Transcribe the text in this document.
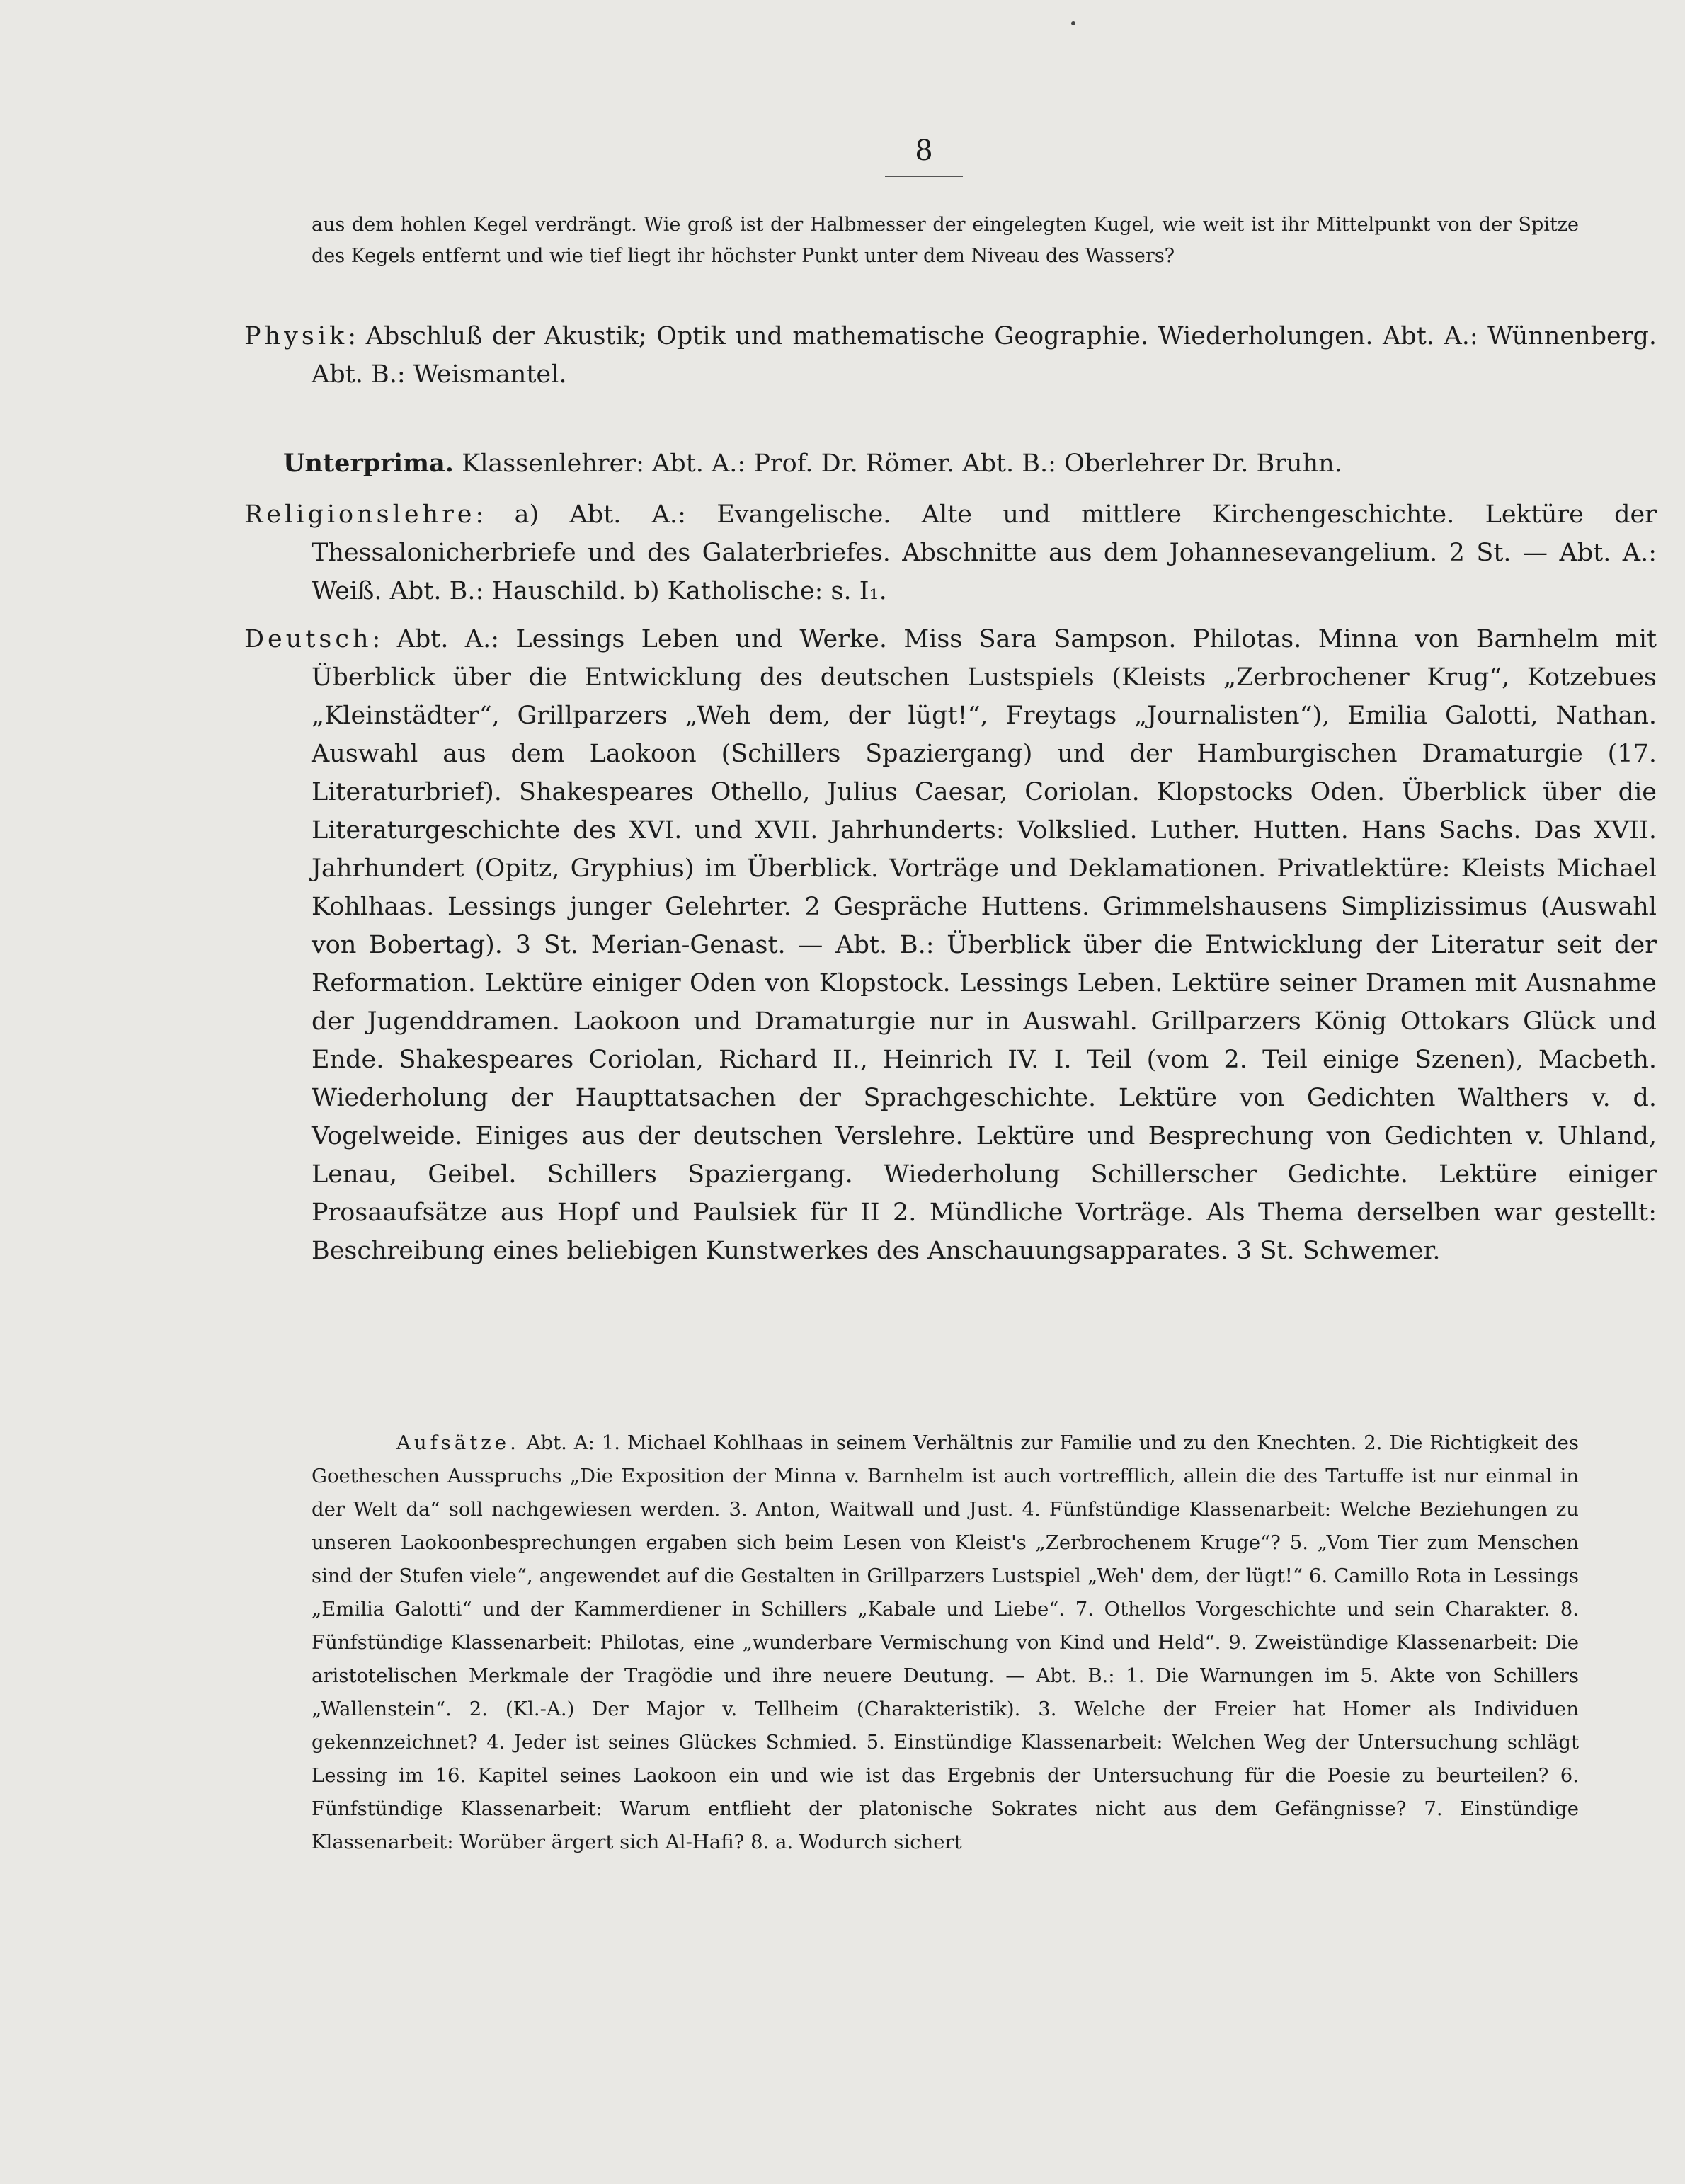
8
aus dem hohlen Kegel verdrängt. Wie groß ist der Halbmesser der eingelegten Kugel, wie weit ist ihr Mittelpunkt von der Spitze des Kegels entfernt und wie tief liegt ihr höchster Punkt unter dem Niveau des Wassers?
Physik: Abschluß der Akustik; Optik und mathematische Geographie. Wiederholungen. Abt. A.: Wünnenberg. Abt. B.: Weismantel.
Unterprima. Klassenlehrer: Abt. A.: Prof. Dr. Römer. Abt. B.: Oberlehrer Dr. Bruhn.
Religionslehre: a) Abt. A.: Evangelische. Alte und mittlere Kirchengeschichte. Lektüre der Thessalonicherbriefe und des Galaterbriefes. Abschnitte aus dem Johannesevangelium. 2 St. — Abt. A.: Weiß. Abt. B.: Hauschild. b) Katholische: s. I₁.
Deutsch: Abt. A.: Lessings Leben und Werke. Miss Sara Sampson. Philotas. Minna von Barnhelm mit Überblick über die Entwicklung des deutschen Lustspiels (Kleists „Zerbrochener Krug“, Kotzebues „Kleinstädter“, Grillparzers „Weh dem, der lügt!“, Freytags „Journalisten“), Emilia Galotti, Nathan. Auswahl aus dem Laokoon (Schillers Spaziergang) und der Hamburgischen Dramaturgie (17. Literaturbrief). Shakespeares Othello, Julius Caesar, Coriolan. Klopstocks Oden. Überblick über die Literaturgeschichte des XVI. und XVII. Jahrhunderts: Volkslied. Luther. Hutten. Hans Sachs. Das XVII. Jahrhundert (Opitz, Gryphius) im Überblick. Vorträge und Deklamationen. Privatlektüre: Kleists Michael Kohlhaas. Lessings junger Gelehrter. 2 Gespräche Huttens. Grimmelshausens Simplizissimus (Auswahl von Bobertag). 3 St. Merian-Genast. — Abt. B.: Überblick über die Entwicklung der Literatur seit der Reformation. Lektüre einiger Oden von Klopstock. Lessings Leben. Lektüre seiner Dramen mit Ausnahme der Jugenddramen. Laokoon und Dramaturgie nur in Auswahl. Grillparzers König Ottokars Glück und Ende. Shakespeares Coriolan, Richard II., Heinrich IV. I. Teil (vom 2. Teil einige Szenen), Macbeth. Wiederholung der Haupttatsachen der Sprachgeschichte. Lektüre von Gedichten Walthers v. d. Vogelweide. Einiges aus der deutschen Verslehre. Lektüre und Besprechung von Gedichten v. Uhland, Lenau, Geibel. Schillers Spaziergang. Wiederholung Schillerscher Gedichte. Lektüre einiger Prosaaufsätze aus Hopf und Paulsiek für II 2. Mündliche Vorträge. Als Thema derselben war gestellt: Beschreibung eines beliebigen Kunstwerkes des Anschauungsapparates. 3 St. Schwemer.
Aufsätze. Abt. A: 1. Michael Kohlhaas in seinem Verhältnis zur Familie und zu den Knechten. 2. Die Richtigkeit des Goetheschen Ausspruchs „Die Exposition der Minna v. Barnhelm ist auch vortrefflich, allein die des Tartuffe ist nur einmal in der Welt da“ soll nachgewiesen werden. 3. Anton, Waitwall und Just. 4. Fünfstündige Klassenarbeit: Welche Beziehungen zu unseren Laokoonbesprechungen ergaben sich beim Lesen von Kleist's „Zerbrochenem Kruge“? 5. „Vom Tier zum Menschen sind der Stufen viele“, angewendet auf die Gestalten in Grillparzers Lustspiel „Weh' dem, der lügt!“ 6. Camillo Rota in Lessings „Emilia Galotti“ und der Kammerdiener in Schillers „Kabale und Liebe“. 7. Othellos Vorgeschichte und sein Charakter. 8. Fünfstündige Klassenarbeit: Philotas, eine „wunderbare Vermischung von Kind und Held“. 9. Zweistündige Klassenarbeit: Die aristotelischen Merkmale der Tragödie und ihre neuere Deutung. — Abt. B.: 1. Die Warnungen im 5. Akte von Schillers „Wallenstein“. 2. (Kl.-A.) Der Major v. Tellheim (Charakteristik). 3. Welche der Freier hat Homer als Individuen gekennzeichnet? 4. Jeder ist seines Glückes Schmied. 5. Einstündige Klassenarbeit: Welchen Weg der Untersuchung schlägt Lessing im 16. Kapitel seines Laokoon ein und wie ist das Ergebnis der Untersuchung für die Poesie zu beurteilen? 6. Fünfstündige Klassenarbeit: Warum entflieht der platonische Sokrates nicht aus dem Gefängnisse? 7. Einstündige Klassenarbeit: Worüber ärgert sich Al-Hafi? 8. a. Wodurch sichert
